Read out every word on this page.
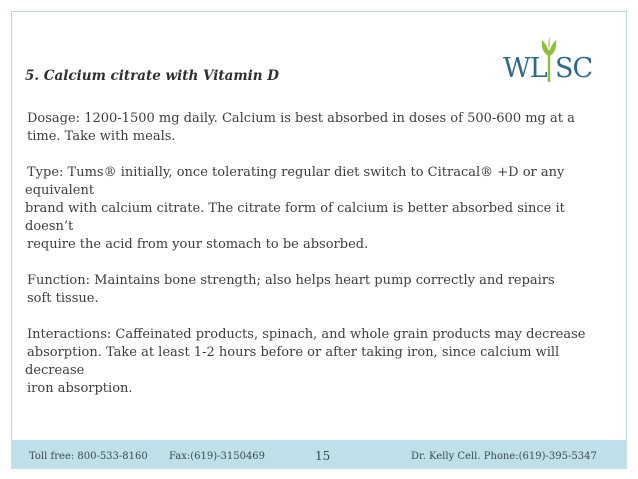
5. Calcium citrate with Vitamin D	WL SC

Dosage: 1200-1500 mg daily. Calcium is best absorbed in doses of 500-600 mg at a
time. Take with meals.

Type: Tums® initially, once tolerating regular diet switch to Citracal® +D or any
equivalent
brand with calcium citrate. The citrate form of calcium is better absorbed since it
doesn’t
require the acid from your stomach to be absorbed.

Function: Maintains bone strength; also helps heart pump correctly and repairs
soft tissue.

Interactions: Caffeinated products, spinach, and whole grain products may decrease
absorption. Take at least 1-2 hours before or after taking iron, since calcium will
decrease
iron absorption.

Toll free: 800-533-8160 Fax:(619)-3150469	15	Dr. Kelly Cell. Phone:(619)-395-5347
